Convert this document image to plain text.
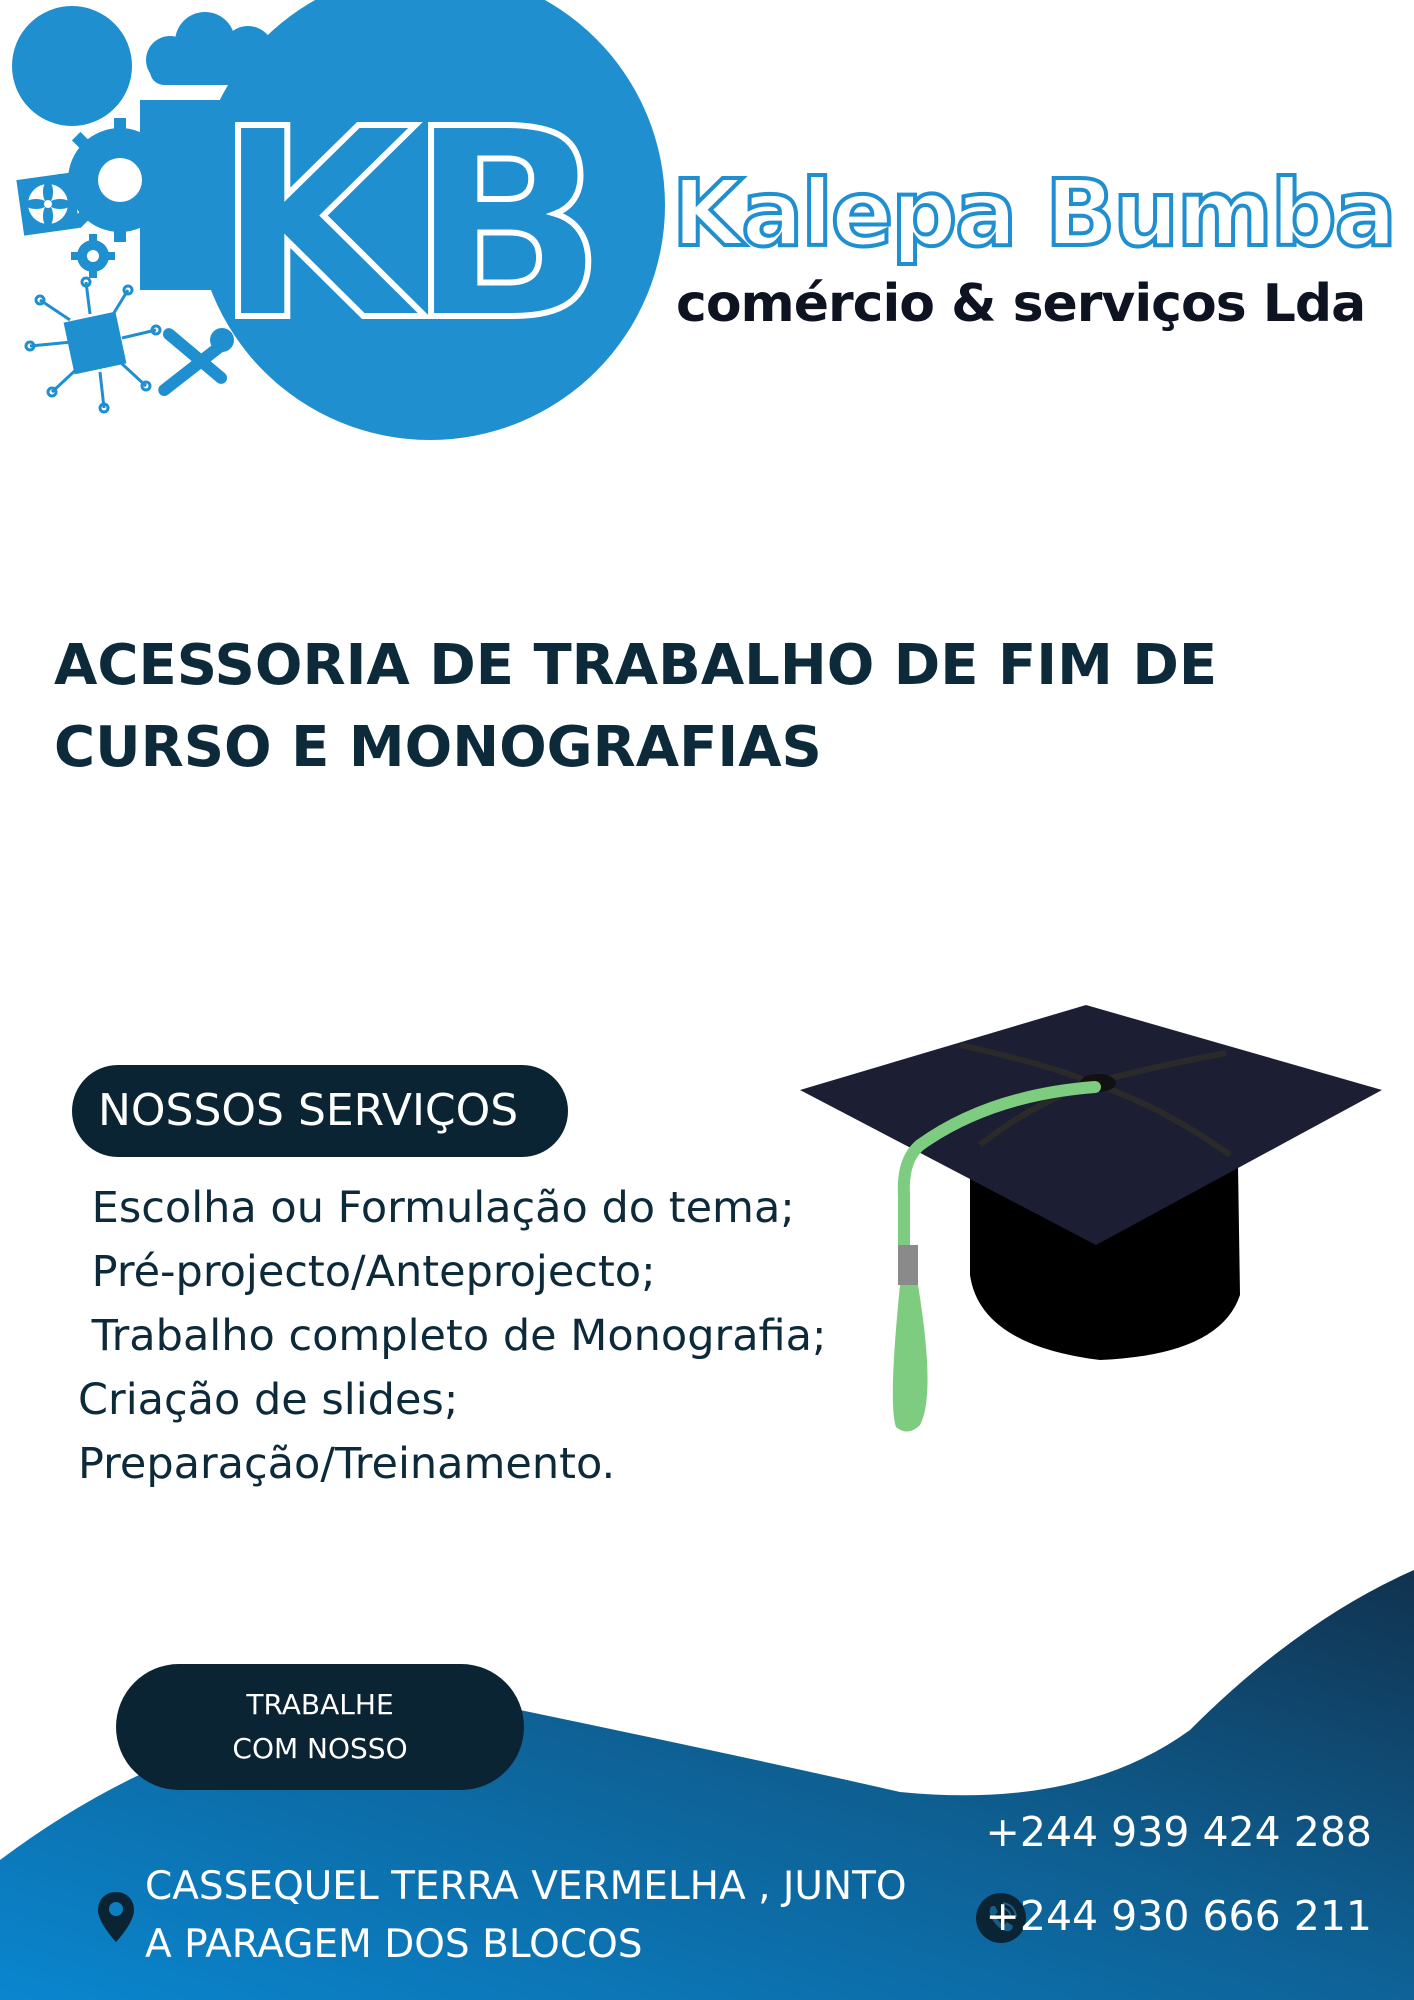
KB Kalepa Bumba
comércio & serviços Lda
ACESSORIA DE TRABALHO DE FIM DE CURSO E MONOGRAFIAS
NOSSOS SERVIÇOS
Escolha ou Formulação do tema;
Pré-projecto/Anteprojecto;
Trabalho completo de Monografia;
Criação de slides;
Preparação/Treinamento.
TRABALHE
COM NOSSO
CASSEQUEL TERRA VERMELHA , JUNTO
A PARAGEM DOS BLOCOS
+244 939 424 288
+244 930 666 211
